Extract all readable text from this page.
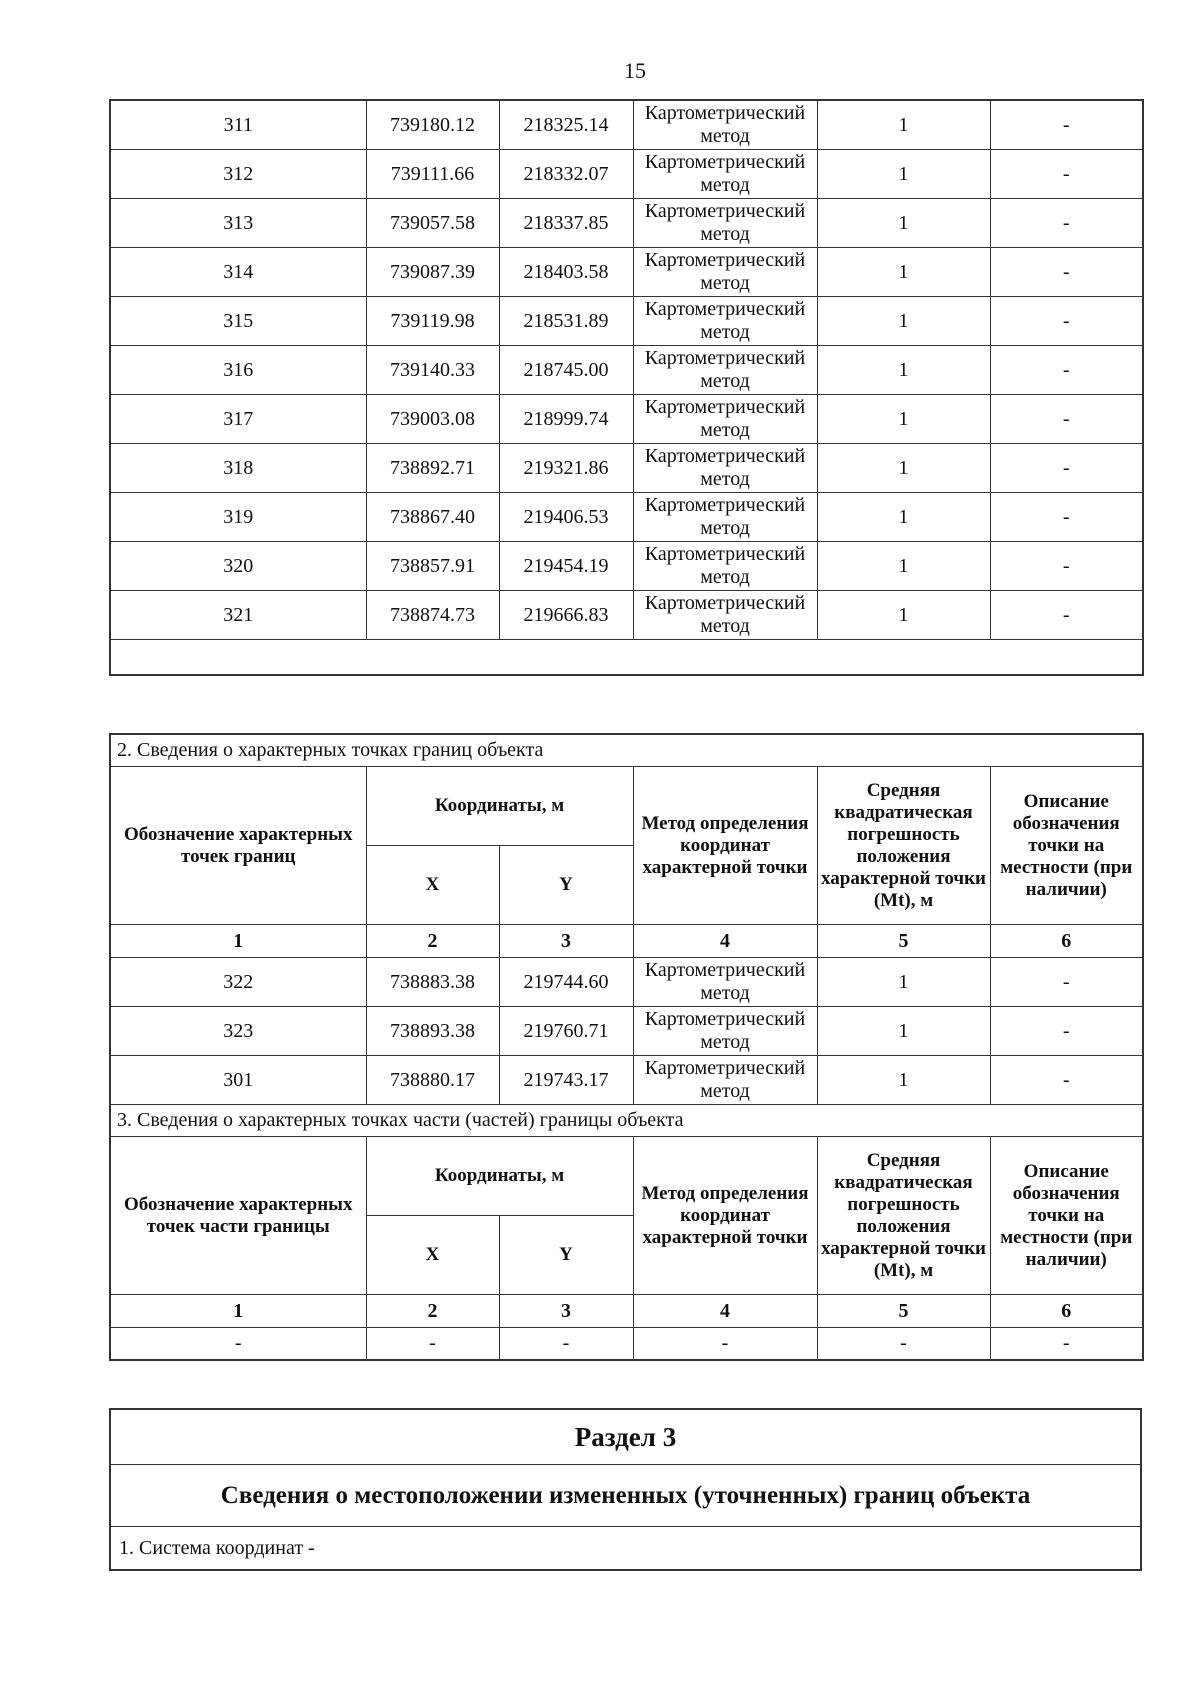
15
311	739180.12	218325.14	Картометрический метод	1	-
312	739111.66	218332.07	Картометрический метод	1	-
313	739057.58	218337.85	Картометрический метод	1	-
314	739087.39	218403.58	Картометрический метод	1	-
315	739119.98	218531.89	Картометрический метод	1	-
316	739140.33	218745.00	Картометрический метод	1	-
317	739003.08	218999.74	Картометрический метод	1	-
318	738892.71	219321.86	Картометрический метод	1	-
319	738867.40	219406.53	Картометрический метод	1	-
320	738857.91	219454.19	Картометрический метод	1	-
321	738874.73	219666.83	Картометрический метод	1	-

2. Сведения о характерных точках границ объекта					
Обозначение характерных точек границ	Координаты, м		Метод определения координат характерной точки	Средняя квадратическая погрешность положения характерной точки (Mt), м	Описание обозначения точки на местности (при наличии)
	X	Y			
1	2	3	4	5	6
322	738883.38	219744.60	Картометрический метод	1	-
323	738893.38	219760.71	Картометрический метод	1	-
301	738880.17	219743.17	Картометрический метод	1	-
3. Сведения о характерных точках части (частей) границы объекта					
Обозначение характерных точек части границы	Координаты, м		Метод определения координат характерной точки	Средняя квадратическая погрешность положения характерной точки (Mt), м	Описание обозначения точки на местности (при наличии)
	X	Y			
1	2	3	4	5	6
-	-	-	-	-	-
Раздел 3
Сведения о местоположении измененных (уточненных) границ объекта
1. Система координат -
